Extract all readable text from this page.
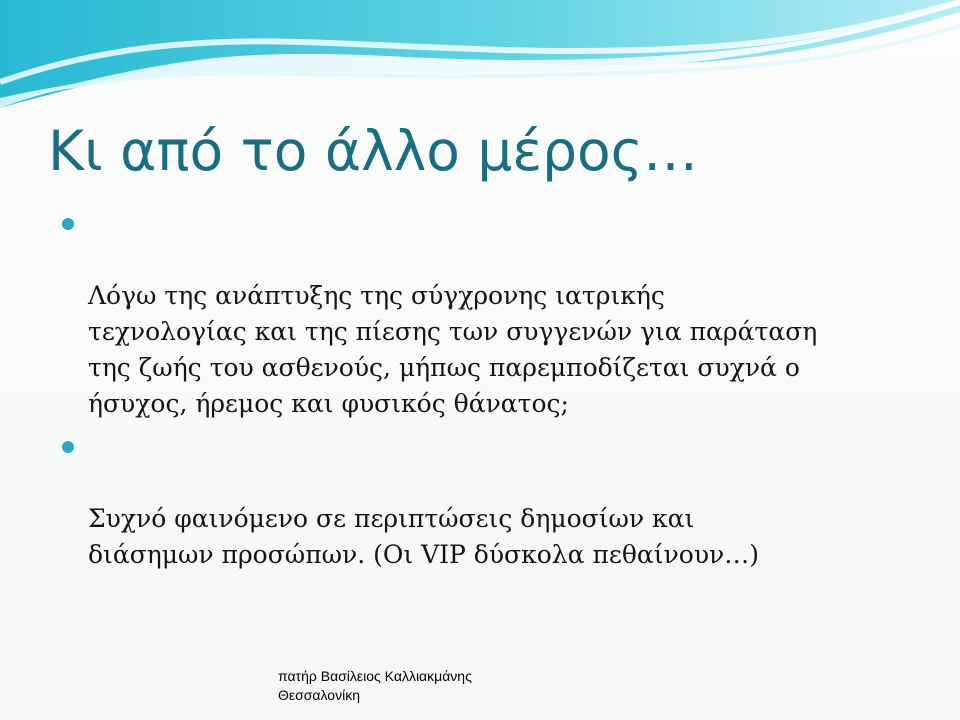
Κι από το άλλο μέρος…

Λόγω της ανάπτυξης της σύγχρονης ιατρικής
τεχνολογίας και της πίεσης των συγγενών για παράταση
της ζωής του ασθενούς, μήπως παρεμποδίζεται συχνά ο
ήσυχος, ήρεμος και φυσικός θάνατος;

Συχνό φαινόμενο σε περιπτώσεις δημοσίων και
διάσημων προσώπων. (Οι VIP δύσκολα πεθαίνουν…)

πατήρ Βασίλειος Καλλιακμάνης
Θεσσαλονίκη
